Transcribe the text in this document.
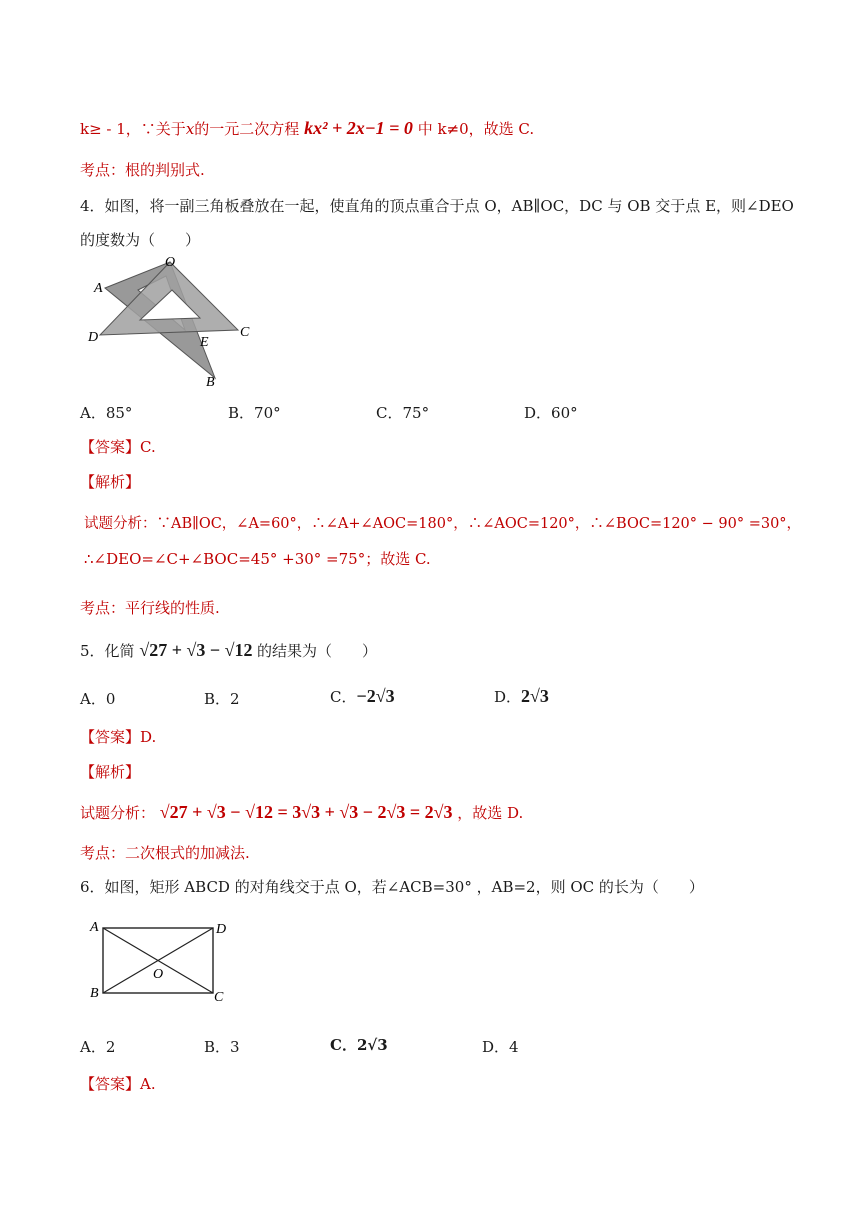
k≥ - 1，∵关于x的一元二次方程 kx² + 2x−1 = 0 中 k≠0，故选 C.
考点：根的判别式.
4．如图，将一副三角板叠放在一起，使直角的顶点重合于点 O，AB∥OC，DC 与 OB 交于点 E，则∠DEO
的度数为（　　）
O
A
D	E
C
B
A．85°	B．70°	C．75°	D．60°
【答案】C.
【解析】
试题分析：∵AB∥OC，∠A=60°，∴∠A+∠AOC=180°，∴∠AOC=120°，∴∠BOC=120° − 90° =30°，
∴∠DEO=∠C+∠BOC=45° +30° =75°；故选 C.
考点：平行线的性质.
5．化简 √27 + √3 − √12 的结果为（　　）
A．0	B．2	C．−2√3	D．2√3
【答案】D.
【解析】
试题分析： √27 + √3 − √12 = 3√3 + √3 − 2√3 = 2√3 ，故选 D.
考点：二次根式的加减法.
6．如图，矩形 ABCD 的对角线交于点 O，若∠ACB=30° ，AB=2，则 OC 的长为（　　）
A	D
O
B	C
A．2	B．3	C．2√3	D．4
【答案】A.
